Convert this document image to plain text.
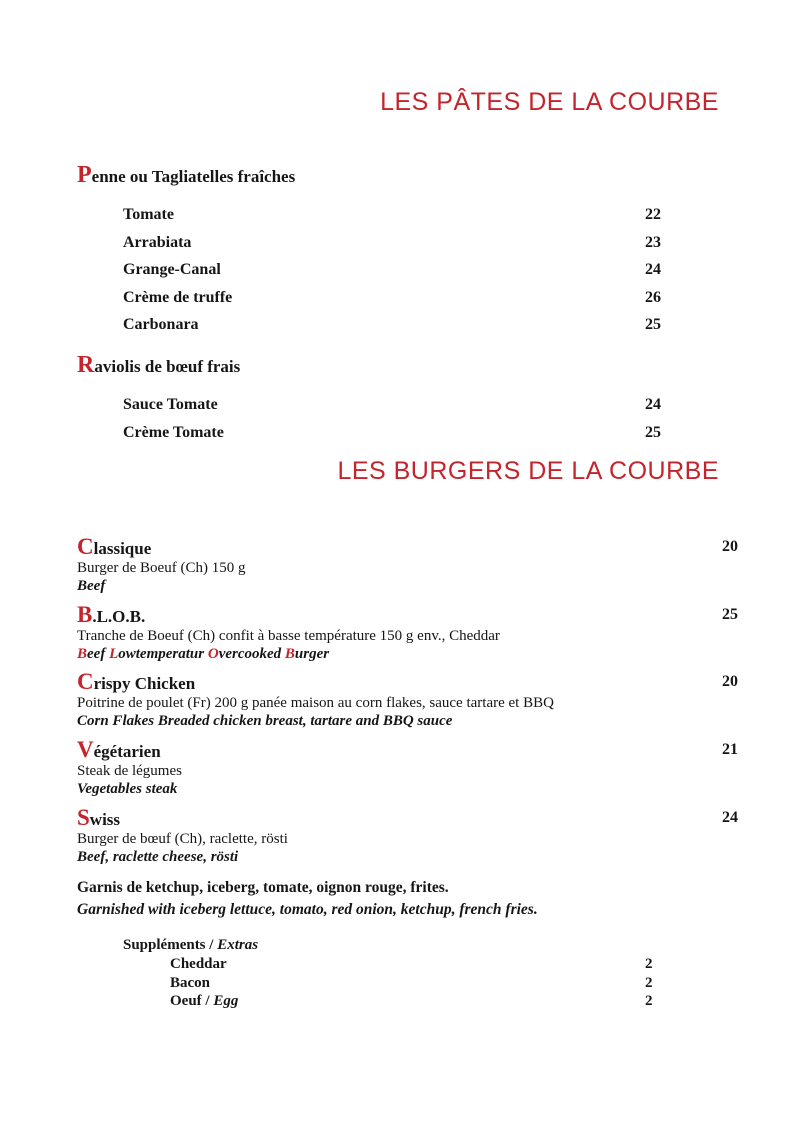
LES PÂTES DE LA COURBE
Penne ou Tagliatelles fraîches
Tomate	22
Arrabiata	23
Grange-Canal	24
Crème de truffe	26
Carbonara	25
Raviolis de bœuf frais
Sauce Tomate	24
Crème Tomate	25
LES BURGERS DE LA COURBE
Classique	20
Burger de Boeuf (Ch) 150 g
Beef
B.L.O.B.	25
Tranche de Boeuf (Ch) confit à basse température 150 g env., Cheddar
Beef Lowtemperatur Overcooked Burger
Crispy Chicken	20
Poitrine de poulet (Fr) 200 g panée maison au corn flakes, sauce tartare et BBQ
Corn Flakes Breaded chicken breast, tartare and BBQ sauce
Végétarien	21
Steak de légumes
Vegetables steak
Swiss	24
Burger de bœuf (Ch), raclette, rösti
Beef, raclette cheese, rösti
Garnis de ketchup, iceberg, tomate, oignon rouge, frites.
Garnished with iceberg lettuce, tomato, red onion, ketchup, french fries.
Suppléments / Extras
Cheddar	2
Bacon	2
Oeuf / Egg	2
